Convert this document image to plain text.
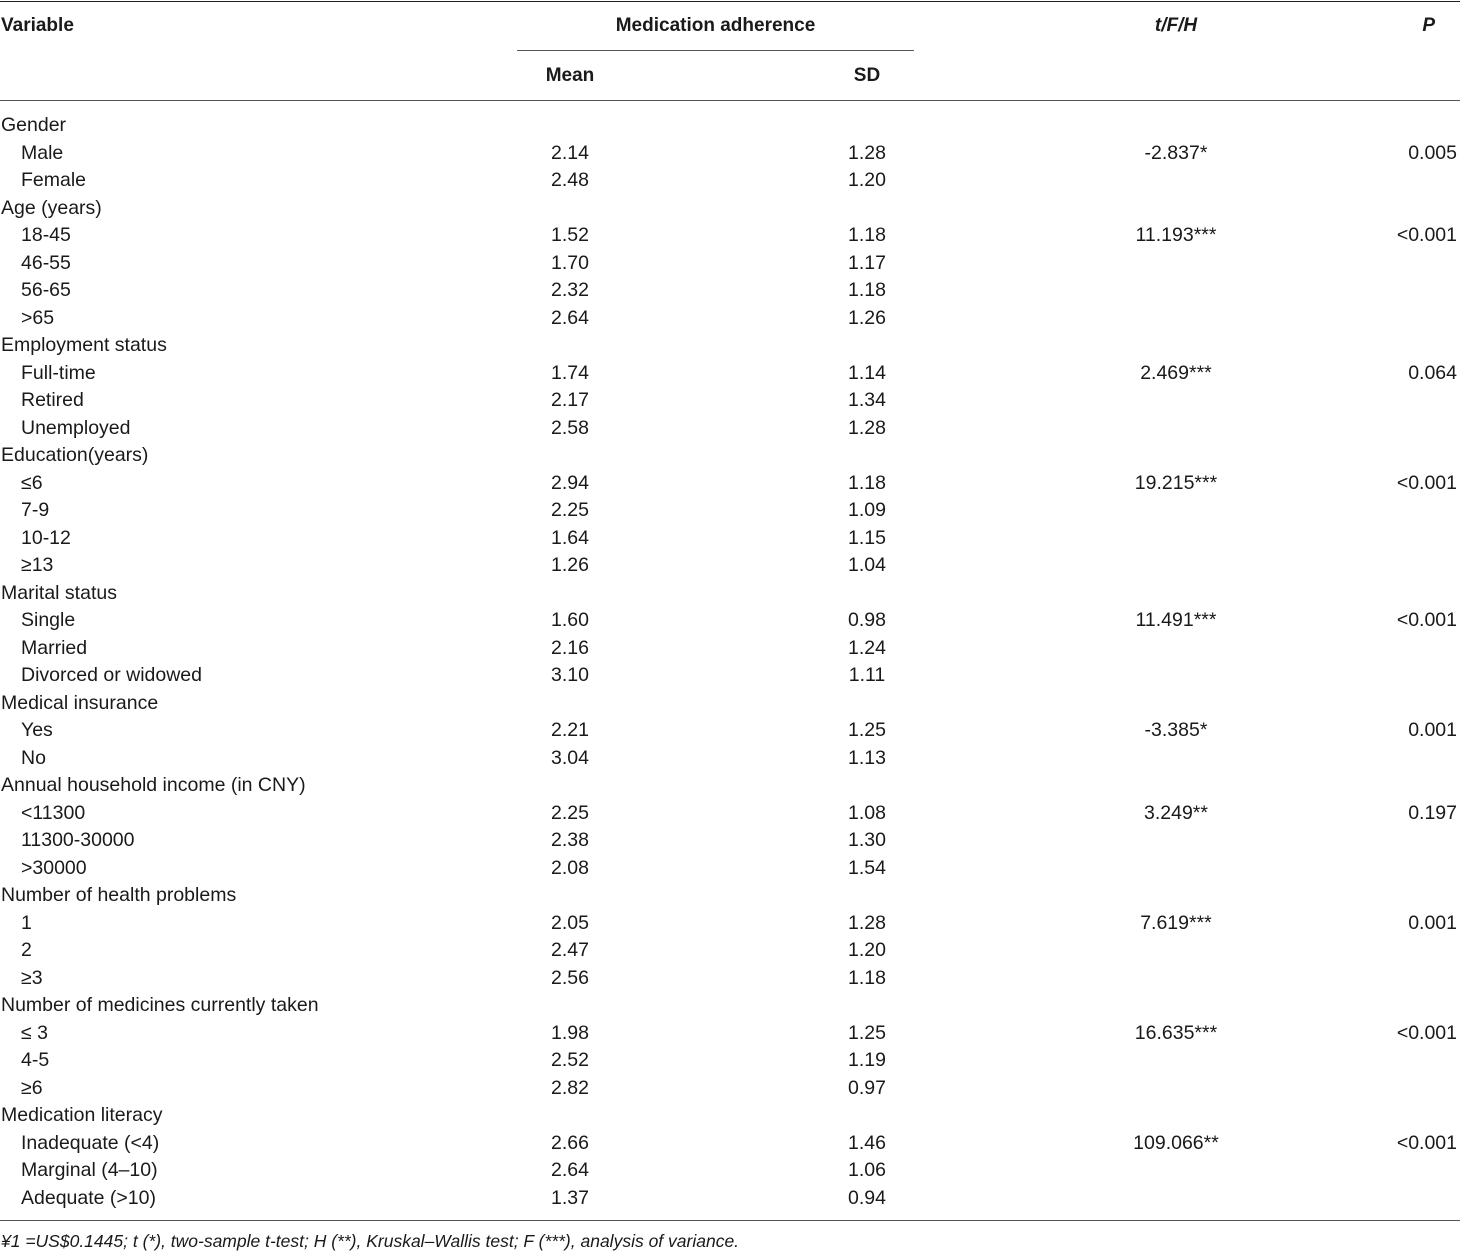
Variable	Medication adherence
Mean	SD
t/F/H	P
Gender
Male	2.14	1.28	-2.837*	0.005
Female	2.48	1.20
Age (years)
18-45	1.52	1.18	11.193***	<0.001
46-55	1.70	1.17
56-65	2.32	1.18
>65	2.64	1.26
Employment status
Full-time	1.74	1.14	2.469***	0.064
Retired	2.17	1.34
Unemployed	2.58	1.28
Education(years)
≤6	2.94	1.18	19.215***	<0.001
7-9	2.25	1.09
10-12	1.64	1.15
≥13	1.26	1.04
Marital status
Single	1.60	0.98	11.491***	<0.001
Married	2.16	1.24
Divorced or widowed	3.10	1.11
Medical insurance
Yes	2.21	1.25	-3.385*	0.001
No	3.04	1.13
Annual household income (in CNY)
<11300	2.25	1.08	3.249**	0.197
11300-30000	2.38	1.30
>30000	2.08	1.54
Number of health problems
1	2.05	1.28	7.619***	0.001
2	2.47	1.20
≥3	2.56	1.18
Number of medicines currently taken
≤ 3	1.98	1.25	16.635***	<0.001
4-5	2.52	1.19
≥6	2.82	0.97
Medication literacy
Inadequate (<4)	2.66	1.46	109.066**	<0.001
Marginal (4–10)	2.64	1.06
Adequate (>10)	1.37	0.94
¥1 =US$0.1445; t (*), two-sample t-test; H (**), Kruskal–Wallis test; F (***), analysis of variance.
